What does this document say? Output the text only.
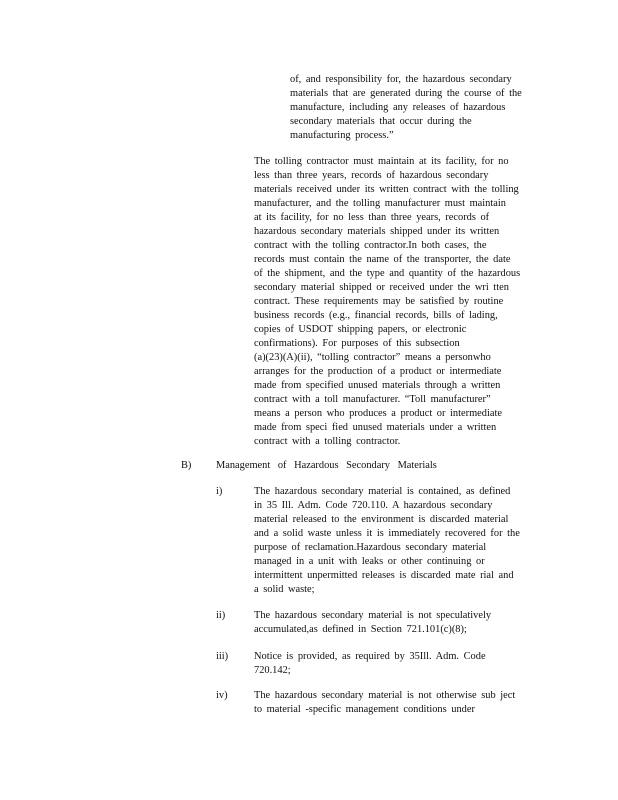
of, and responsibility for, the hazardous secondary
materials that are generated during the course of the
manufacture, including any releases of hazardous
secondary materials that occur during the
manufacturing process.”
The tolling contractor must maintain at its facility, for no
less than three years, records of hazardous secondary
materials received under its written contract with the tolling
manufacturer, and the tolling manufacturer must maintain
at its facility, for no less than three years, records of
hazardous secondary materials shipped under its written
contract with the tolling contractor.In both cases, the
records must contain the name of the transporter, the date
of the shipment, and the type and quantity of the hazardous
secondary material shipped or received under the wri tten
contract. These requirements may be satisfied by routine
business records (e.g., financial records, bills of lading,
copies of USDOT shipping papers, or electronic
confirmations). For purposes of this subsection
(a)(23)(A)(ii), “tolling contractor” means a personwho
arranges for the production of a product or intermediate
made from specified unused materials through a written
contract with a toll manufacturer. “Toll manufacturer”
means a person who produces a product or intermediate
made from speci fied unused materials under a written
contract with a tolling contractor.
B) Management of Hazardous Secondary Materials
i)	The hazardous secondary material is contained, as defined
in 35 Ill. Adm. Code 720.110. A hazardous secondary
material released to the environment is discarded material
and a solid waste unless it is immediately recovered for the
purpose of reclamation.Hazardous secondary material
managed in a unit with leaks or other continuing or
intermittent unpermitted releases is discarded mate rial and
a solid waste;
ii)	The hazardous secondary material is not speculatively
accumulated,as defined in Section 721.101(c)(8);
iii) Notice is provided, as required by 35Ill. Adm. Code
720.142;
iv)	The hazardous secondary material is not otherwise sub ject
to material -specific management conditions under
